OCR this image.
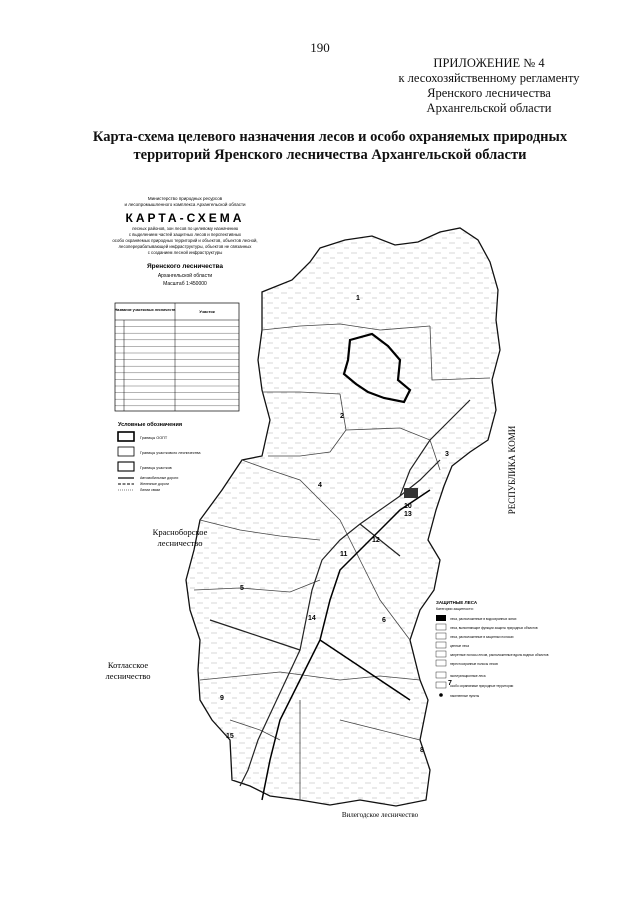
190
ПРИЛОЖЕНИЕ № 4
к лесохозяйственному регламенту
Яренского лесничества
Архангельской области
Карта-схема целевого назначения лесов и особо охраняемых природных
территорий Яренского лесничества Архангельской области
Министерство природных ресурсов
и лесопромышленного комплекса Архангельской области
КАРТА-СХЕМА
лесных районов, зон лесов по целевому назначению
с выделением частей защитных лесов и перспективных
особо охраняемых природных территорий и объектов, объектов лесной,
лесоперерабатывающей инфраструктуры, объектов не связанных
с созданием лесной инфраструктуры
Яренского лесничества
Архангельской области
Масштаб 1:450000
Название участковых лесничеств	Участок
Условные обозначения
Границы ООПТ
Границы участкового лесничества
Границы участков
Автомобильные дороги
Железные дороги
Линии связи
ЗАЩИТНЫЕ ЛЕСА
Категории защитности:
леса, расположенные в водоохранных зонах
леса, выполняющие функции защиты природных объектов
леса, расположенные в защитных полосах
ценные леса
запретные полосы лесов, расположенные вдоль водных объектов
нерестоохранные полосы лесов
эксплуатационные леса
особо охраняемые природные территории
населенные пункты
Красноборское лесничество
Котласское лесничество
Вилегодское лесничество
РЕСПУБЛИКА КОМИ
1
2
3
4
5
6
7
8
9
10
11
12
13
14
15
